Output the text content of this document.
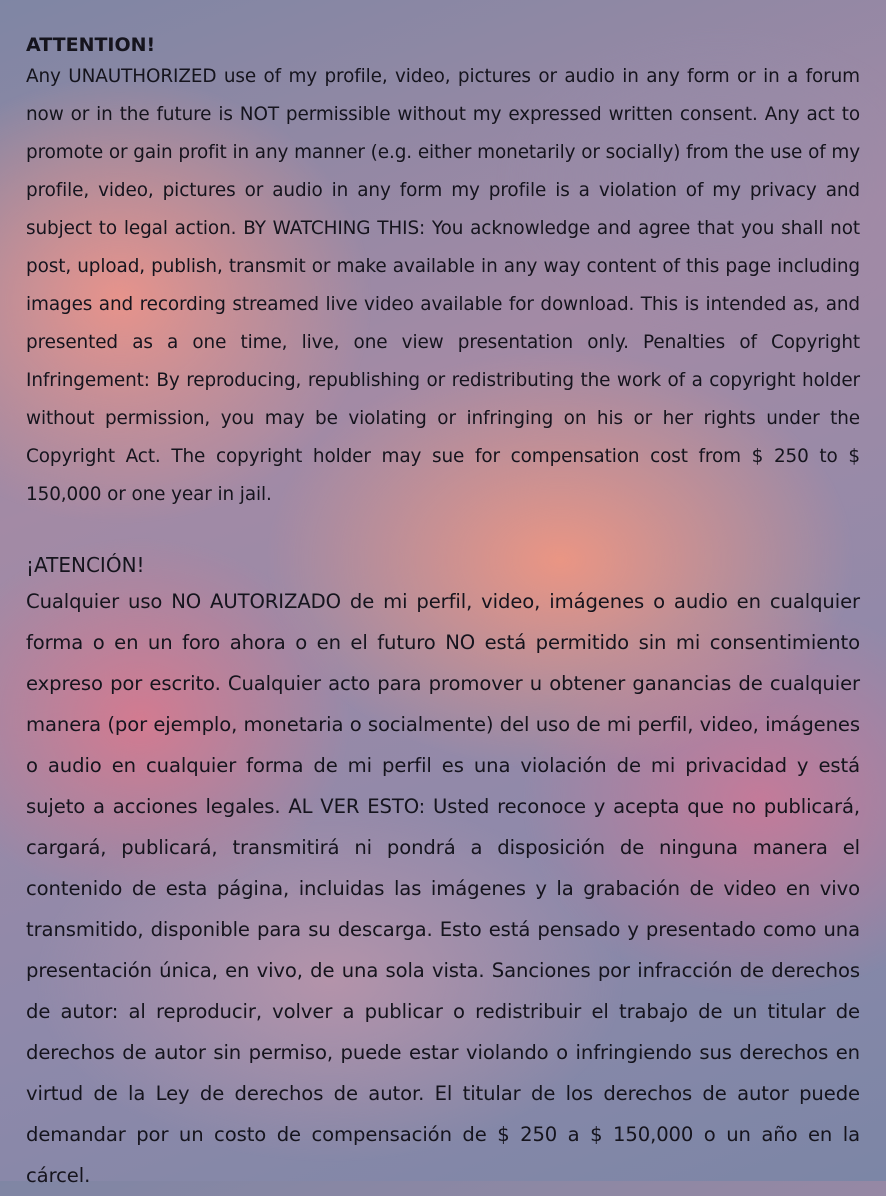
ATTENTION!

Any UNAUTHORIZED use of my profile, video, pictures or audio in any form or in a forum now or in the future is NOT permissible without my expressed written consent. Any act to promote or gain profit in any manner (e.g. either monetarily or socially) from the use of my profile, video, pictures or audio in any form my profile is a violation of my privacy and subject to legal action. BY WATCHING THIS: You acknowledge and agree that you shall not post, upload, publish, transmit or make available in any way content of this page including images and recording streamed live video available for download. This is intended as, and presented as a one time, live, one view presentation only. Penalties of Copyright Infringement: By reproducing, republishing or redistributing the work of a copyright holder without permission, you may be violating or infringing on his or her rights under the Copyright Act. The copyright holder may sue for compensation cost from $ 250 to $ 150,000 or one year in jail.

¡ATENCIÓN!

Cualquier uso NO AUTORIZADO de mi perfil, video, imágenes o audio en cualquier forma o en un foro ahora o en el futuro NO está permitido sin mi consentimiento expreso por escrito. Cualquier acto para promover u obtener ganancias de cualquier manera (por ejemplo, monetaria o socialmente) del uso de mi perfil, video, imágenes o audio en cualquier forma de mi perfil es una violación de mi privacidad y está sujeto a acciones legales. AL VER ESTO: Usted reconoce y acepta que no publicará, cargará, publicará, transmitirá ni pondrá a disposición de ninguna manera el contenido de esta página, incluidas las imágenes y la grabación de video en vivo transmitido, disponible para su descarga. Esto está pensado y presentado como una presentación única, en vivo, de una sola vista. Sanciones por infracción de derechos de autor: al reproducir, volver a publicar o redistribuir el trabajo de un titular de derechos de autor sin permiso, puede estar violando o infringiendo sus derechos en virtud de la Ley de derechos de autor. El titular de los derechos de autor puede demandar por un costo de compensación de $ 250 a $ 150,000 o un año en la cárcel.
